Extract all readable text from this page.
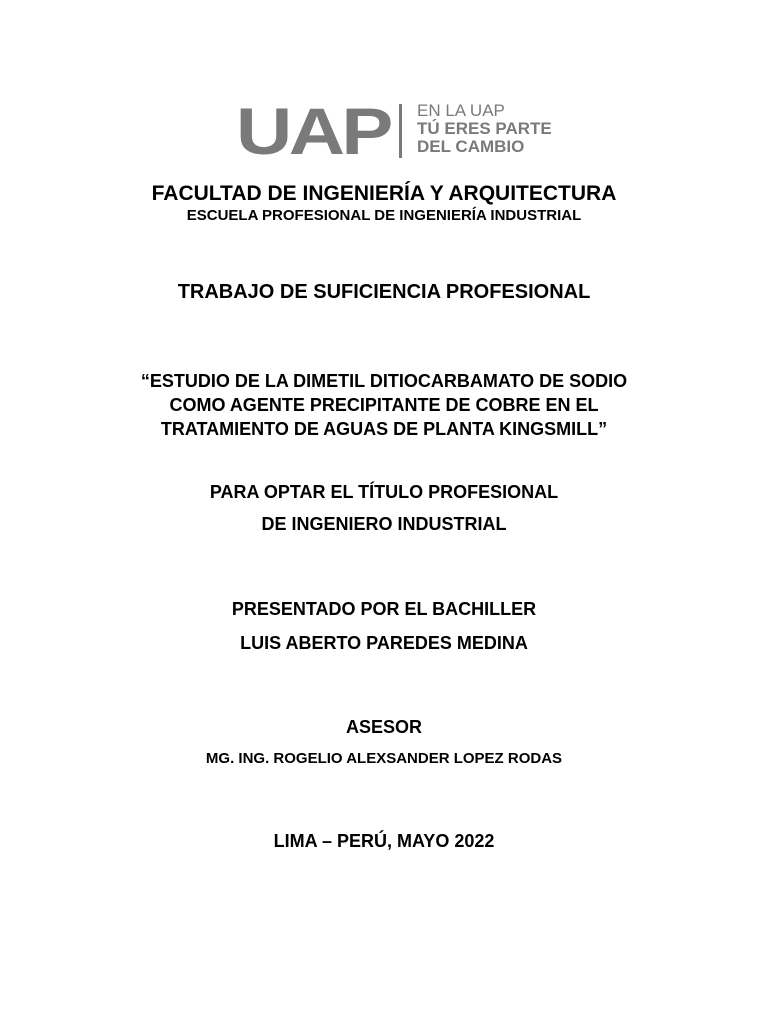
UAP EN LA UAP
TÚ ERES PARTE
DEL CAMBIO
FACULTAD DE INGENIERÍA Y ARQUITECTURA
ESCUELA PROFESIONAL DE INGENIERÍA INDUSTRIAL
TRABAJO DE SUFICIENCIA PROFESIONAL
“ESTUDIO DE LA DIMETIL DITIOCARBAMATO DE SODIO
COMO AGENTE PRECIPITANTE DE COBRE EN EL
TRATAMIENTO DE AGUAS DE PLANTA KINGSMILL”
PARA OPTAR EL TÍTULO PROFESIONAL
DE INGENIERO INDUSTRIAL
PRESENTADO POR EL BACHILLER
LUIS ABERTO PAREDES MEDINA
ASESOR
MG. ING. ROGELIO ALEXSANDER LOPEZ RODAS
LIMA – PERÚ, MAYO 2022
